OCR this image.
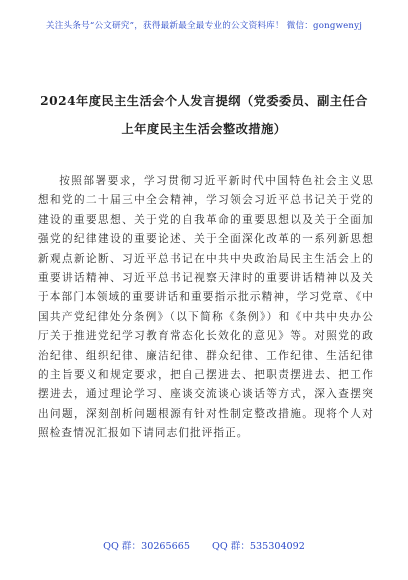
关注头条号“公文研究”，获得最新最全最专业的公文资料库！ 微信：gongwenyj
2024年度民主生活会个人发言提纲（党委委员、副主任合
上年度民主生活会整改措施）

按照部署要求，学习贯彻习近平新时代中国特色社会主义思想和党的二十届三中全会精神，学习领会习近平总书记关于党的建设的重要思想、关于党的自我革命的重要思想以及关于全面加强党的纪律建设的重要论述、关于全面深化改革的一系列新思想新观点新论断、习近平总书记在中共中央政治局民主生活会上的重要讲话精神、习近平总书记视察天津时的重要讲话精神以及关于本部门本领域的重要讲话和重要指示批示精神，学习党章、《中国共产党纪律处分条例》（以下简称《条例》）和《中共中央办公厅关于推进党纪学习教育常态化长效化的意见》等。对照党的政治纪律、组织纪律、廉洁纪律、群众纪律、工作纪律、生活纪律的主旨要义和规定要求，把自己摆进去、把职责摆进去、把工作摆进去，通过理论学习、座谈交流谈心谈话等方式，深入查摆突出问题，深刻剖析问题根源有针对性制定整改措施。现将个人对照检查情况汇报如下请同志们批评指正。

QQ 群：30265665 QQ 群：535304092
